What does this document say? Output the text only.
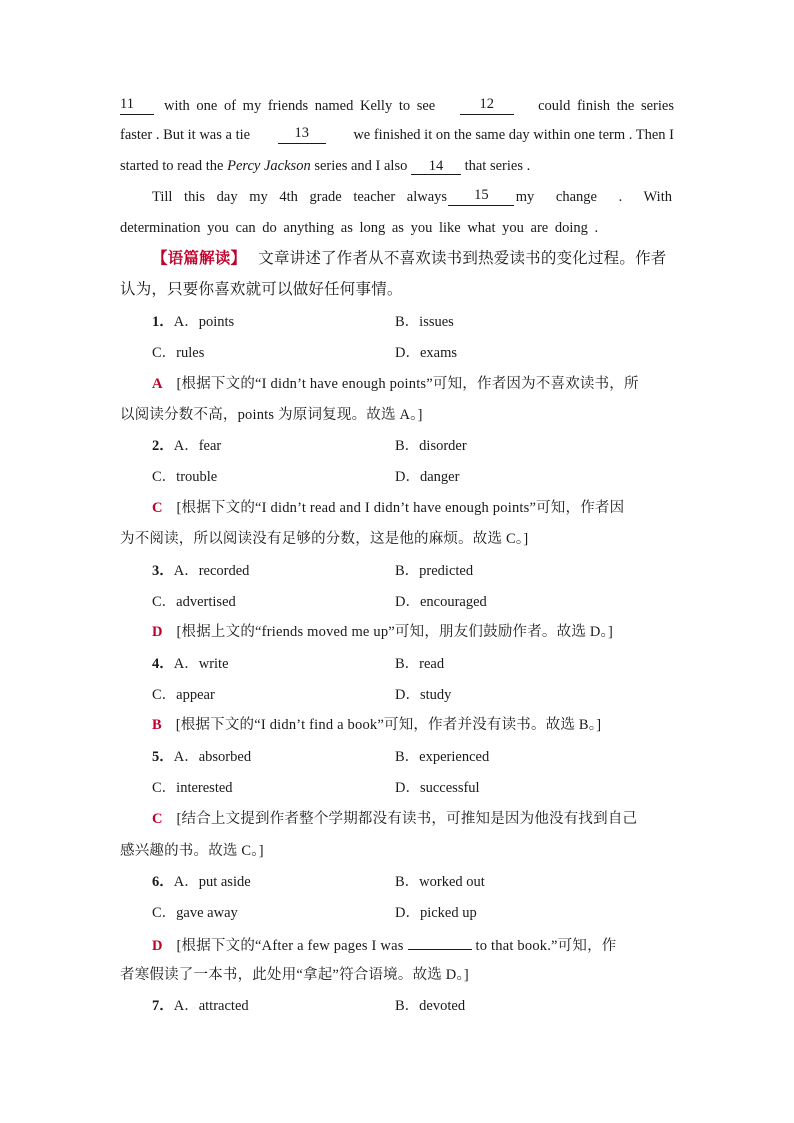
11	with one of my friends named Kelly to see	12	could finish the series
faster . But it was a tie	13	we finished it on the same day within one term . Then I
started to read the Percy Jackson series and I also 14 that series .
Till this day my 4th grade teacher always	15	my change . With
determination you can do anything as long as you like what you are doing .
【语篇解读】 文章讲述了作者从不喜欢读书到热爱读书的变化过程。作者
认为，只要你喜欢就可以做好任何事情。
1．A．points	B．issues
C．rules	D．exams
A [根据下文的“I didn’t have enough points”可知，作者因为不喜欢读书，所
以阅读分数不高，points 为原词复现。故选 A。]
2．A．fear	B．disorder
C．trouble	D．danger
C [根据下文的“I didn’t read and I didn’t have enough points”可知，作者因
为不阅读，所以阅读没有足够的分数，这是他的麻烦。故选 C。]
3．A．recorded	B．predicted
C．advertised	D．encouraged
D [根据上文的“friends moved me up”可知，朋友们鼓励作者。故选 D。]
4．A．write	B．read
C．appear	D．study
B [根据下文的“I didn’t find a book”可知，作者并没有读书。故选 B。]
5．A．absorbed	B．experienced
C．interested	D．successful
C [结合上文提到作者整个学期都没有读书，可推知是因为他没有找到自己
感兴趣的书。故选 C。]
6．A．put aside	B．worked out
C．gave away	D．picked up
D [根据下文的“After a few pages I was	to that book.”可知，作
者寒假读了一本书，此处用“拿起”符合语境。故选 D。]
7．A．attracted	B．devoted
